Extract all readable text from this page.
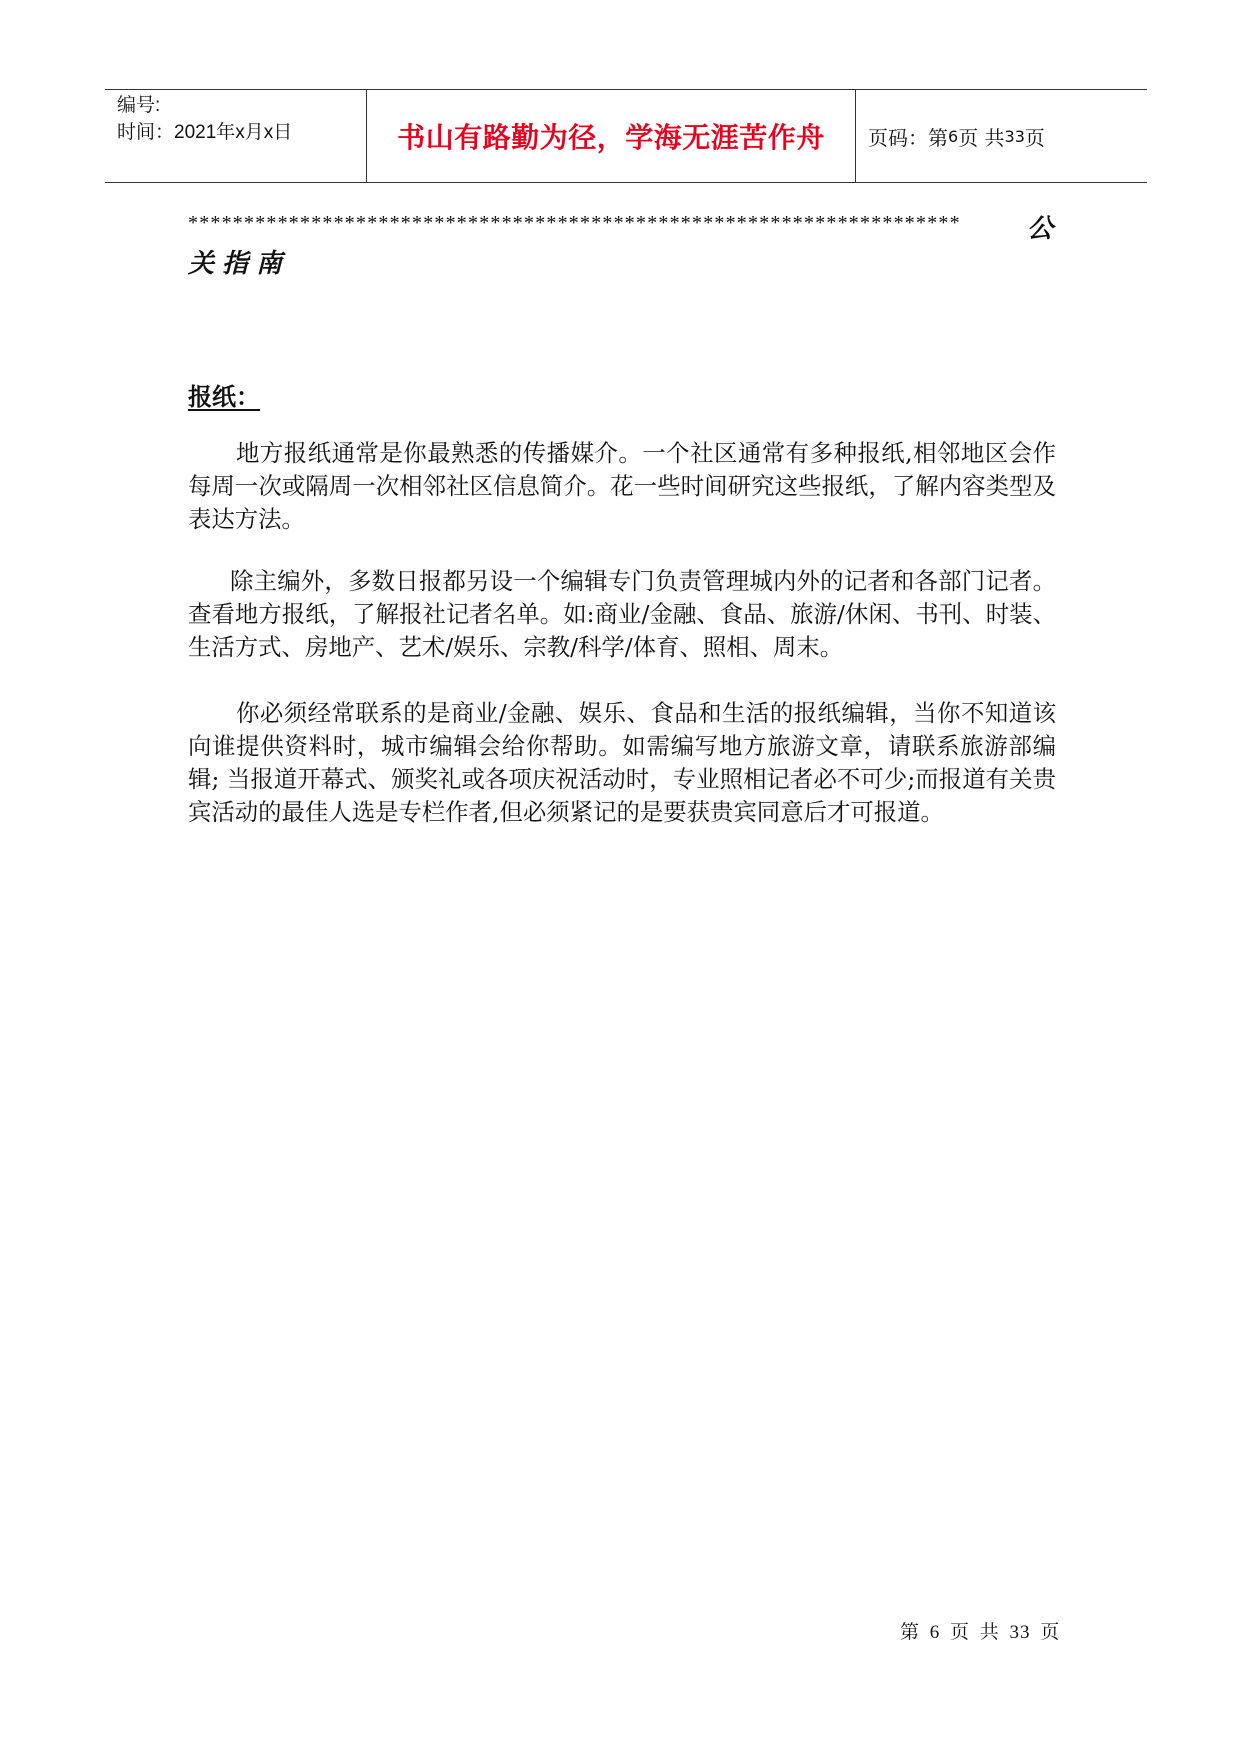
编号:
时间：2021年x月x日	书山有路勤为径，学海无涯苦作舟	页码：第 6 页 共 33 页
*********************************************************************	公
关指南
报纸：

地方报纸通常是你最熟悉的传播媒介。一个社区通常有多种报纸,相邻地区会作每周一次或隔周一次相邻社区信息简介。花一些时间研究这些报纸，了解内容类型及表达方法。

除主编外，多数日报都另设一个编辑专门负责管理城内外的记者和各部门记者。查看地方报纸，了解报社记者名单。如:商业/金融、食品、旅游/休闲、书刊、时装、生活方式、房地产、艺术/娱乐、宗教/科学/体育、照相、周末。

你必须经常联系的是商业/金融、娱乐、食品和生活的报纸编辑，当你不知道该向谁提供资料时，城市编辑会给你帮助。如需编写地方旅游文章，请联系旅游部编辑; 当报道开幕式、颁奖礼或各项庆祝活动时，专业照相记者必不可少;而报道有关贵宾活动的最佳人选是专栏作者,但必须紧记的是要获贵宾同意后才可报道。

第 6 页 共 33 页
